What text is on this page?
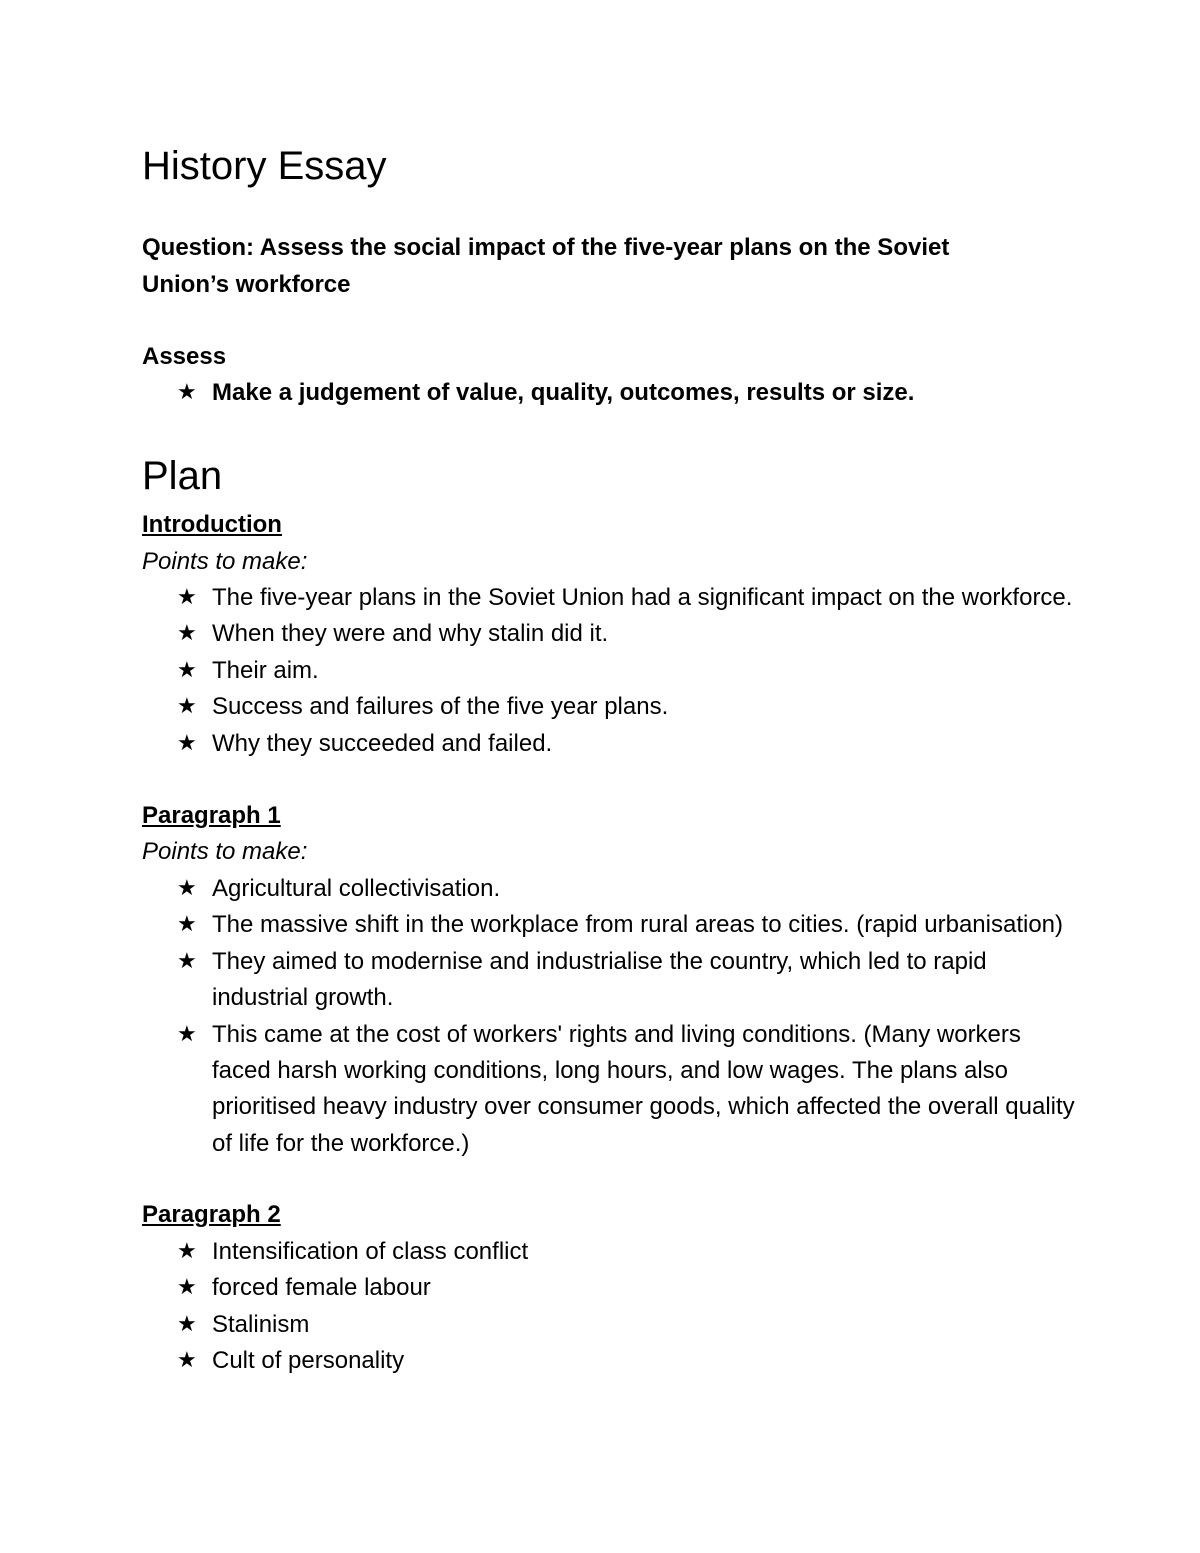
History Essay
Question: Assess the social impact of the five-year plans on the Soviet Union’s workforce
Assess
★ Make a judgement of value, quality, outcomes, results or size.
Plan
Introduction
Points to make:
★ The five-year plans in the Soviet Union had a significant impact on the workforce.
★ When they were and why stalin did it.
★ Their aim.
★ Success and failures of the five year plans.
★ Why they succeeded and failed.
Paragraph 1
Points to make:
★ Agricultural collectivisation.
★ The massive shift in the workplace from rural areas to cities. (rapid urbanisation)
★ They aimed to modernise and industrialise the country, which led to rapid industrial growth.
★ This came at the cost of workers' rights and living conditions. (Many workers faced harsh working conditions, long hours, and low wages. The plans also prioritised heavy industry over consumer goods, which affected the overall quality of life for the workforce.)
Paragraph 2
★ Intensification of class conflict
★ forced female labour
★ Stalinism
★ Cult of personality
